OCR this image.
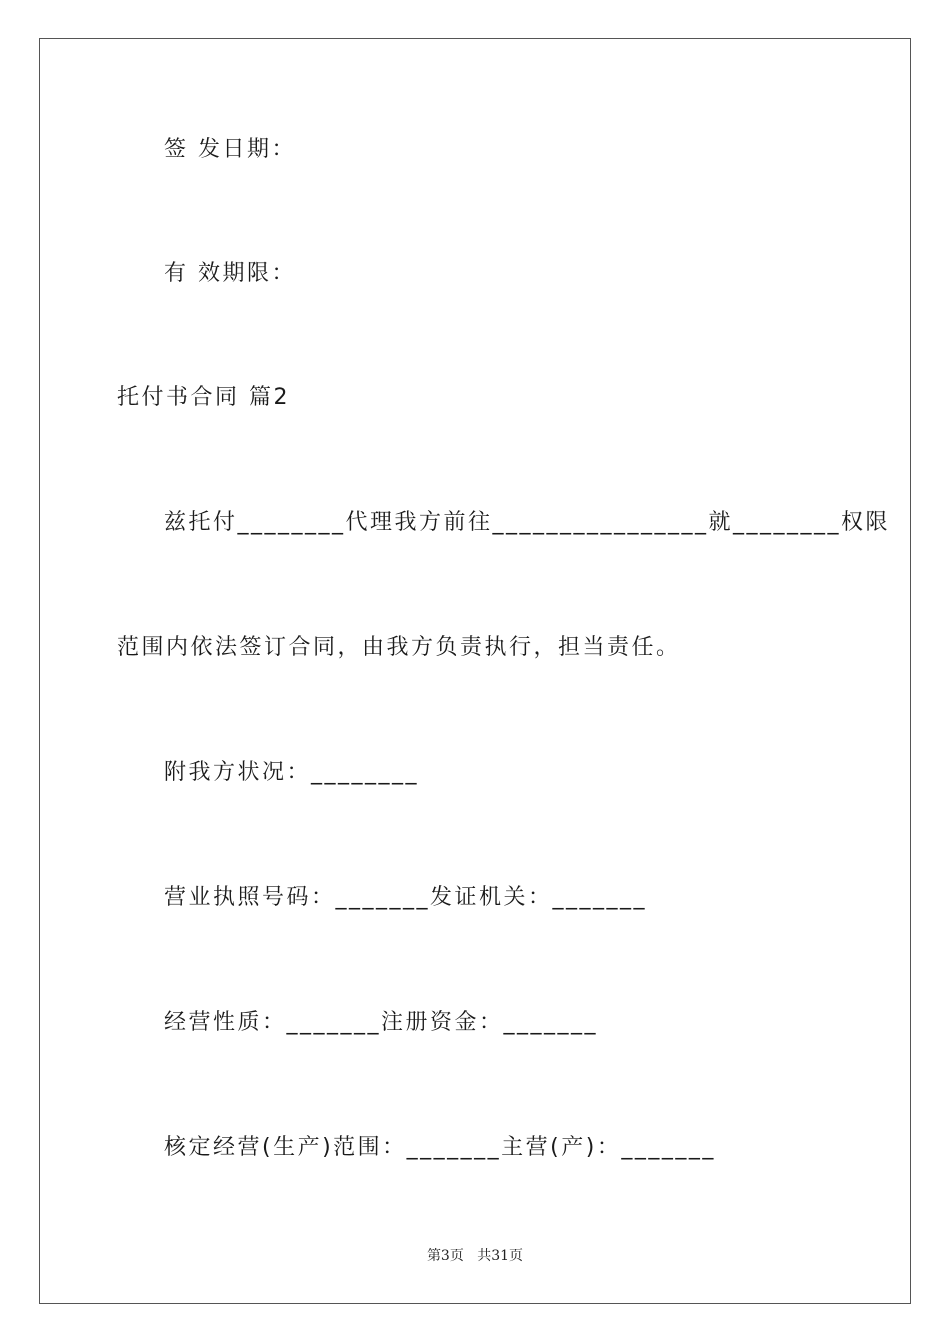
签 发日期：
有 效期限：
托付书合同 篇2
兹托付________代理我方前往________________就________权限
范围内依法签订合同，由我方负责执行，担当责任。
附我方状况：________
营业执照号码：_______发证机关：_______
经营性质：_______注册资金：_______
核定经营(生产)范围：_______主营(产)：_______
第3页 共31页
